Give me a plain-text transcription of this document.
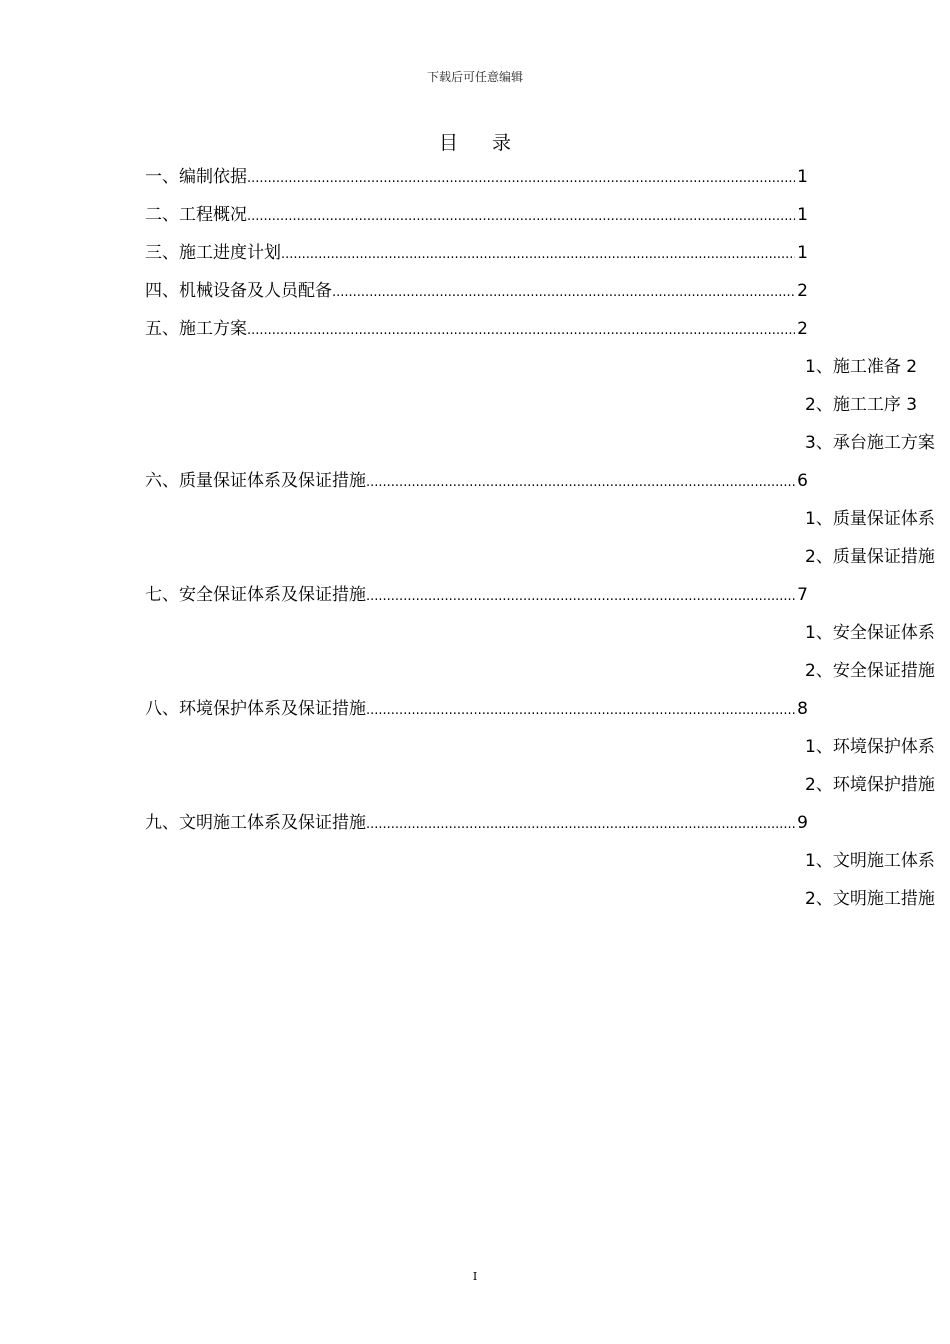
下载后可任意编辑
目录
一、编制依据 .....	1
二、工程概况 .....	1
三、施工进度计划 .....	1
四、机械设备及人员配备 .....	2
五、施工方案 .....	2
1、施工准备 2
2、施工工序 3
3、承台施工方案
六、质量保证体系及保证措施 .....	6
1、质量保证体系
2、质量保证措施
七、安全保证体系及保证措施 .....	7
1、安全保证体系
2、安全保证措施
八、环境保护体系及保证措施 .....	8
1、环境保护体系
2、环境保护措施
九、文明施工体系及保证措施 .....	9
1、文明施工体系
2、文明施工措施
I
